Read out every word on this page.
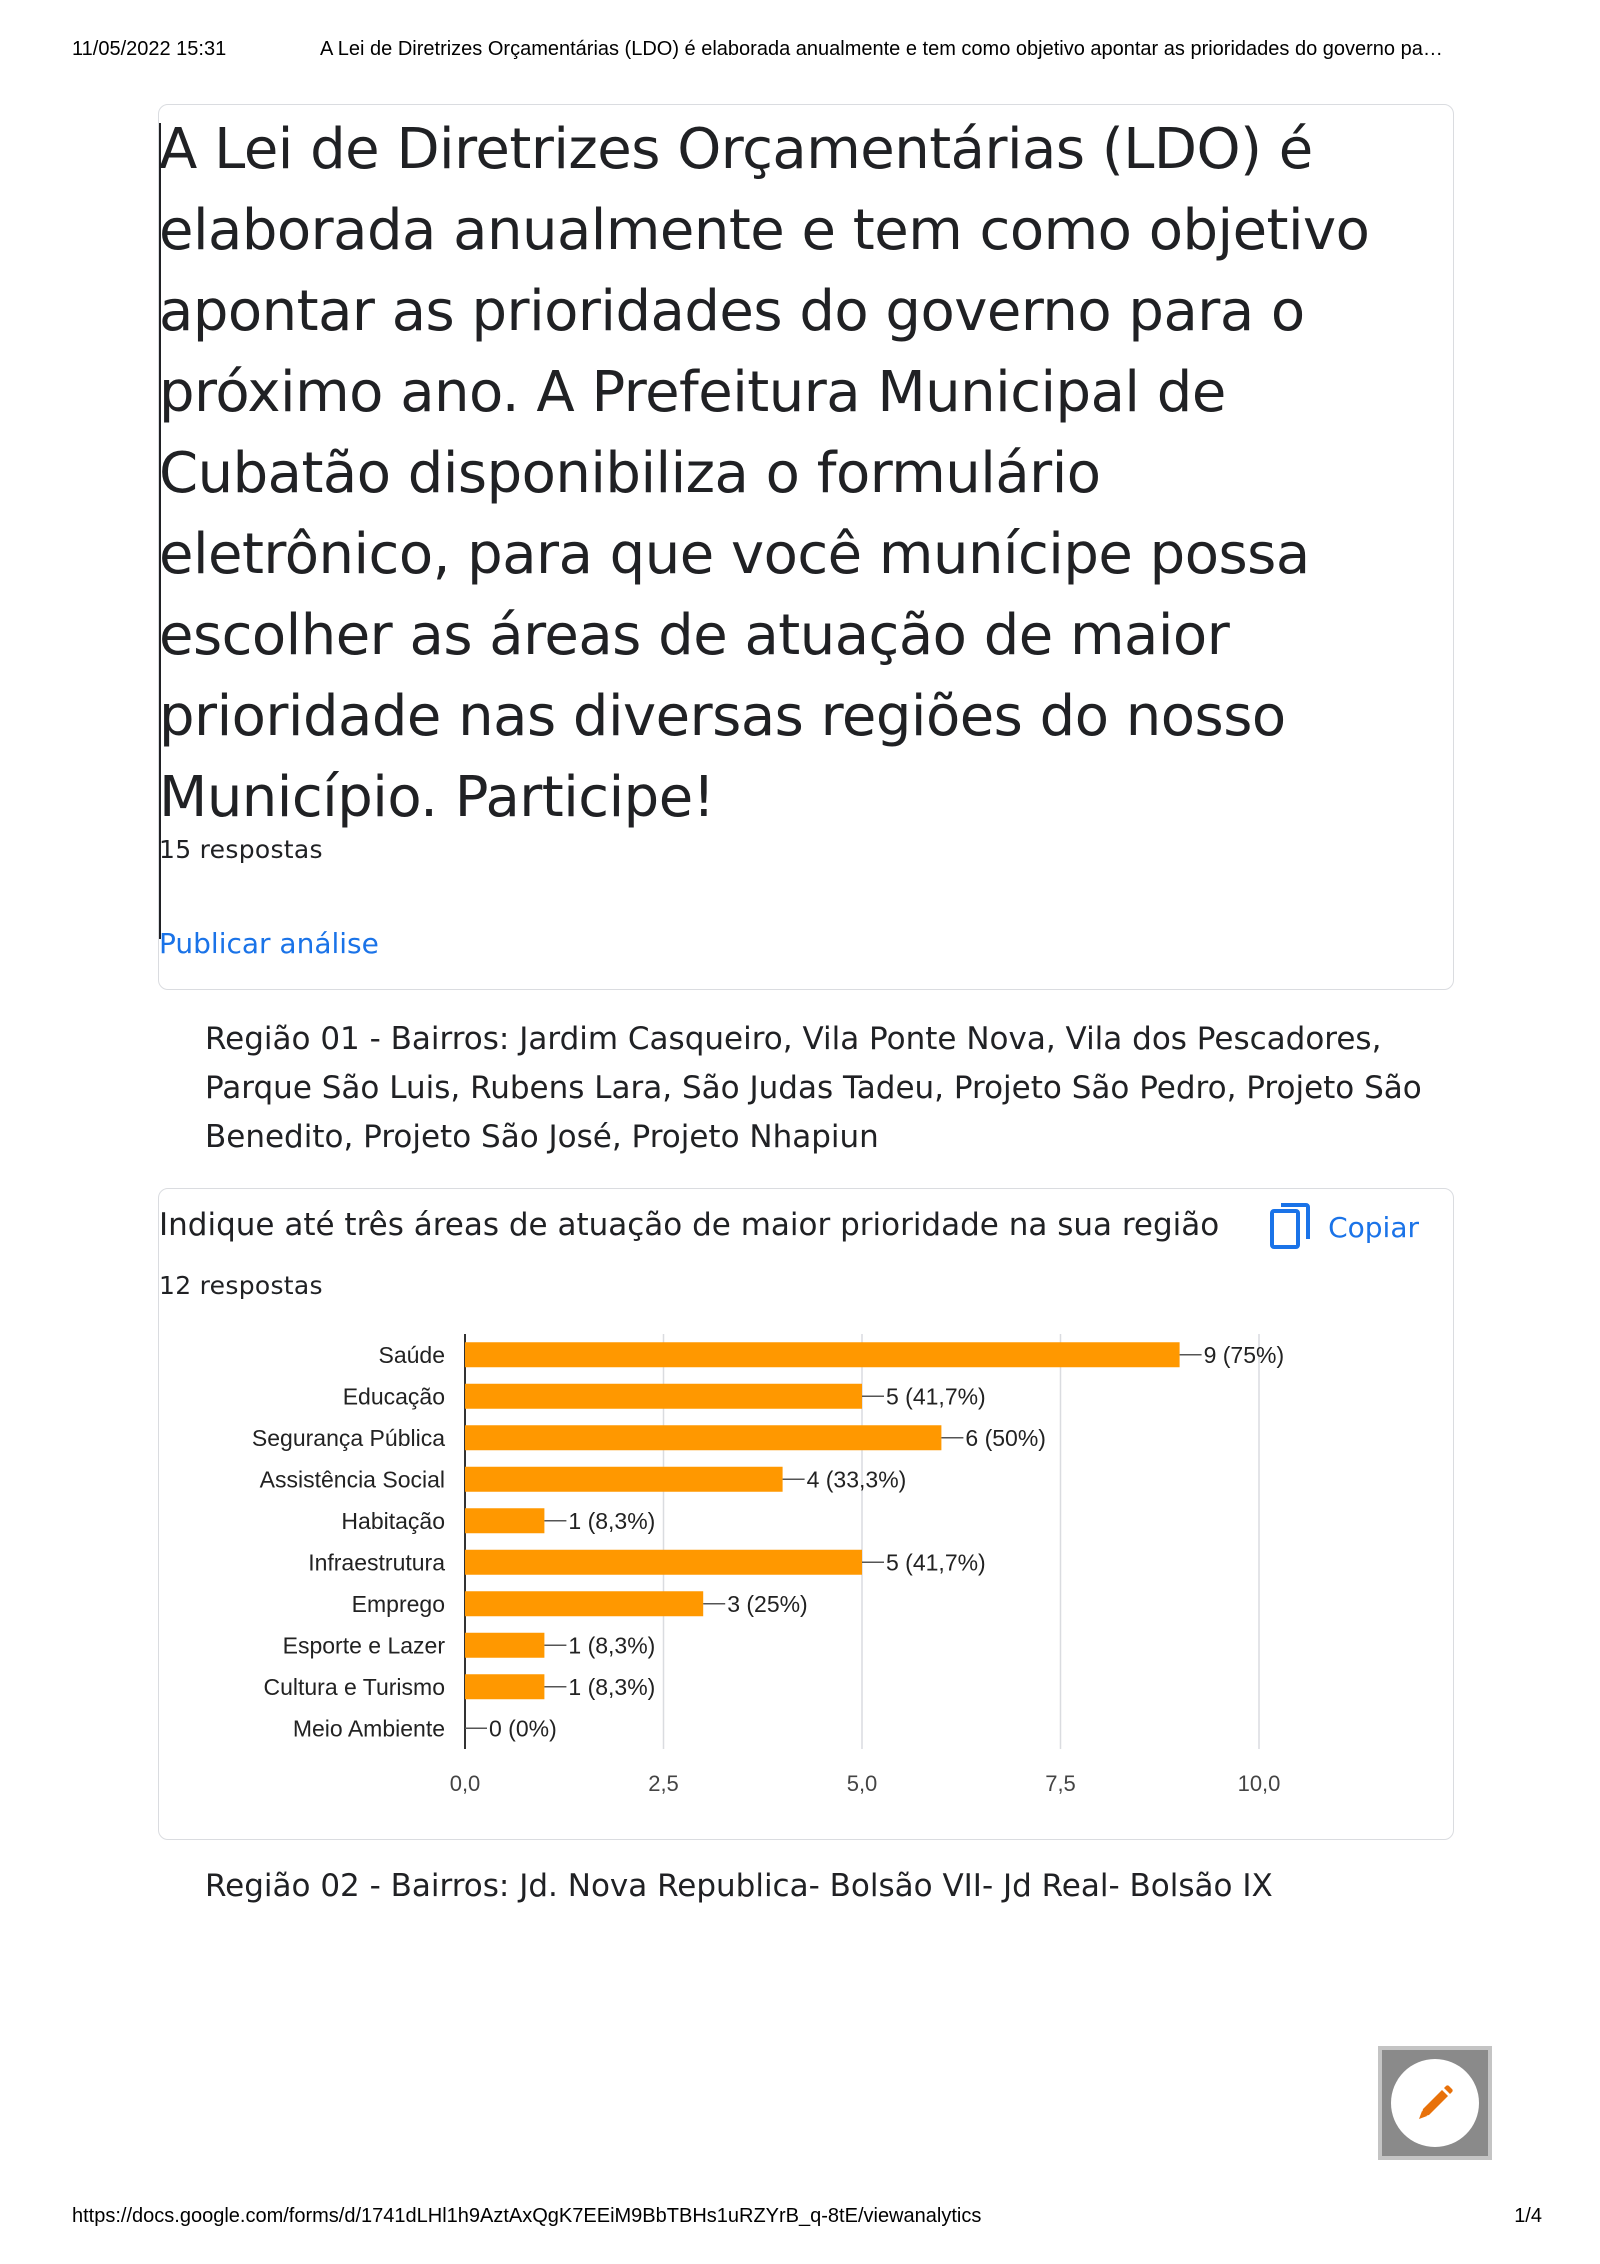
11/05/2022 15:31	A Lei de Diretrizes Orçamentárias (LDO) é elaborada anualmente e tem como objetivo apontar as prioridades do governo pa…
A Lei de Diretrizes Orçamentárias (LDO) é
elaborada anualmente e tem como objetivo
apontar as prioridades do governo para o
próximo ano. A Prefeitura Municipal de
Cubatão disponibiliza o formulário
eletrônico, para que você munícipe possa
escolher as áreas de atuação de maior
prioridade nas diversas regiões do nosso
Município. Participe!
15 respostas
Publicar análise
Região 01 - Bairros: Jardim Casqueiro, Vila Ponte Nova, Vila dos Pescadores,
Parque São Luis, Rubens Lara, São Judas Tadeu, Projeto São Pedro, Projeto São
Benedito, Projeto São José, Projeto Nhapiun
Indique até três áreas de atuação de maior prioridade na sua região	Copiar
12 respostas
0,0	2,5	5,0	7,5	10,0
Saúde	9 (75%)
Educação	5 (41,7%)
Segurança Pública	6 (50%)
Assistência Social	4 (33,3%)
Habitação	1 (8,3%)
Infraestrutura	5 (41,7%)
Emprego	3 (25%)
Esporte e Lazer	1 (8,3%)
Cultura e Turismo	1 (8,3%)
Meio Ambiente 0 (0%)
Região 02 - Bairros: Jd. Nova Republica- Bolsão VII- Jd Real- Bolsão IX
https://docs.google.com/forms/d/1741dLHl1h9AztAxQgK7EEiM9BbTBHs1uRZYrB_q-8tE/viewanalytics	1/4
